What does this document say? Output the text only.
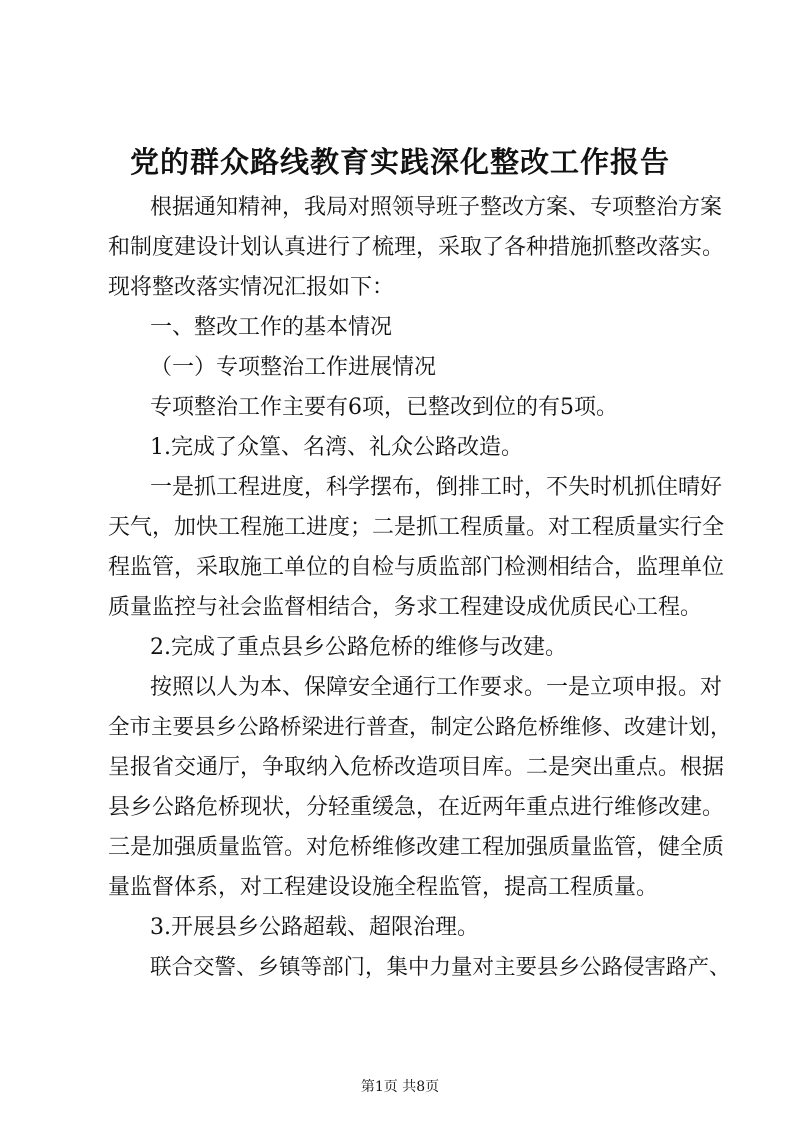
党的群众路线教育实践深化整改工作报告
根据通知精神，我局对照领导班子整改方案、专项整治方案
和制度建设计划认真进行了梳理，采取了各种措施抓整改落实。
现将整改落实情况汇报如下：
一、整改工作的基本情况
（一）专项整治工作进展情况
专项整治工作主要有6项，已整改到位的有5项。
1.完成了众篁、名湾、礼众公路改造。
一是抓工程进度，科学摆布，倒排工时，不失时机抓住晴好
天气，加快工程施工进度；二是抓工程质量。对工程质量实行全
程监管，采取施工单位的自检与质监部门检测相结合，监理单位
质量监控与社会监督相结合，务求工程建设成优质民心工程。
2.完成了重点县乡公路危桥的维修与改建。
按照以人为本、保障安全通行工作要求。一是立项申报。对
全市主要县乡公路桥梁进行普查，制定公路危桥维修、改建计划，
呈报省交通厅，争取纳入危桥改造项目库。二是突出重点。根据
县乡公路危桥现状，分轻重缓急，在近两年重点进行维修改建。
三是加强质量监管。对危桥维修改建工程加强质量监管，健全质
量监督体系，对工程建设设施全程监管，提高工程质量。
3.开展县乡公路超载、超限治理。
联合交警、乡镇等部门，集中力量对主要县乡公路侵害路产、
第1页 共8页
